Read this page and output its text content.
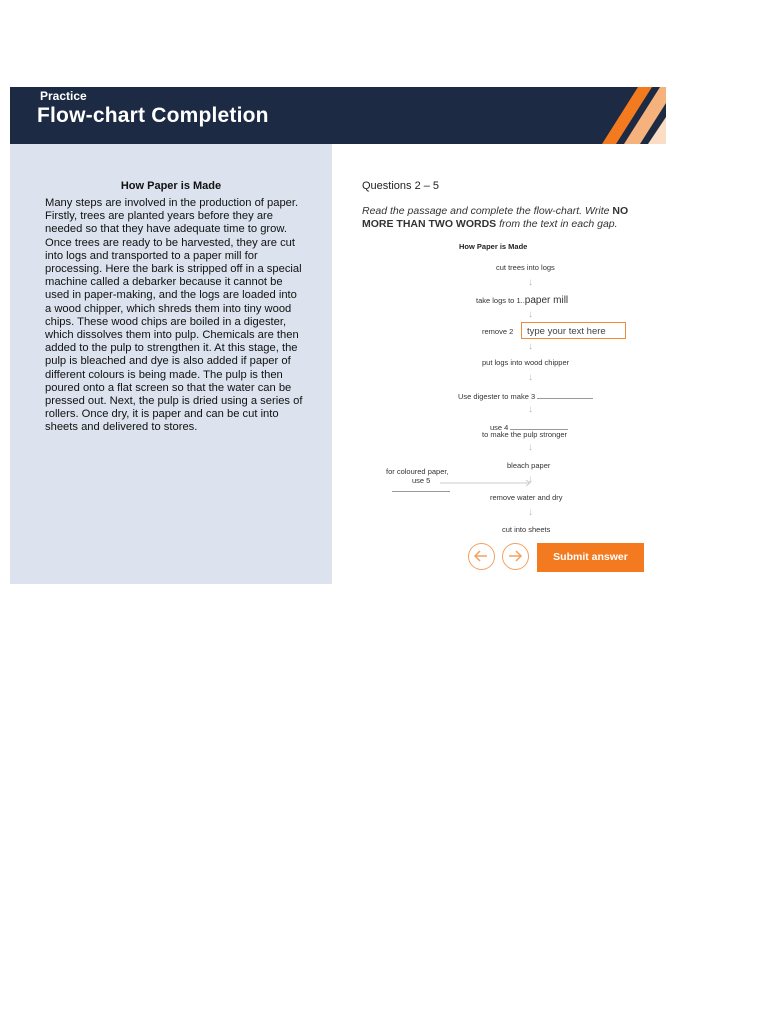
Practice
Flow-chart Completion
How Paper is Made
Many steps are involved in the production of paper. Firstly, trees are planted years before they are needed so that they have adequate time to grow. Once trees are ready to be harvested, they are cut into logs and transported to a paper mill for processing. Here the bark is stripped off in a special machine called a debarker because it cannot be used in paper-making, and the logs are loaded into a wood chipper, which shreds them into tiny wood chips. These wood chips are boiled in a digester, which dissolves them into pulp. Chemicals are then added to the pulp to strengthen it. At this stage, the pulp is bleached and dye is also added if paper of different colours is being made. The pulp is then poured onto a flat screen so that the water can be pressed out. Next, the pulp is dried using a series of rollers. Once dry, it is paper and can be cut into sheets and delivered to stores.
Questions 2 – 5
Read the passage and complete the flow-chart. Write NO MORE THAN TWO WORDS from the text in each gap.
How Paper is Made
cut trees into logs
↓
take logs to 1..paper mill
↓
remove 2	type your text here
↓
put logs into wood chipper
↓
Use digester to make 3
↓
use 4
to make the pulp stronger
↓
bleach paper
for coloured paper,
use 5	↓
remove water and dry
↓
cut into sheets
Submit answer
